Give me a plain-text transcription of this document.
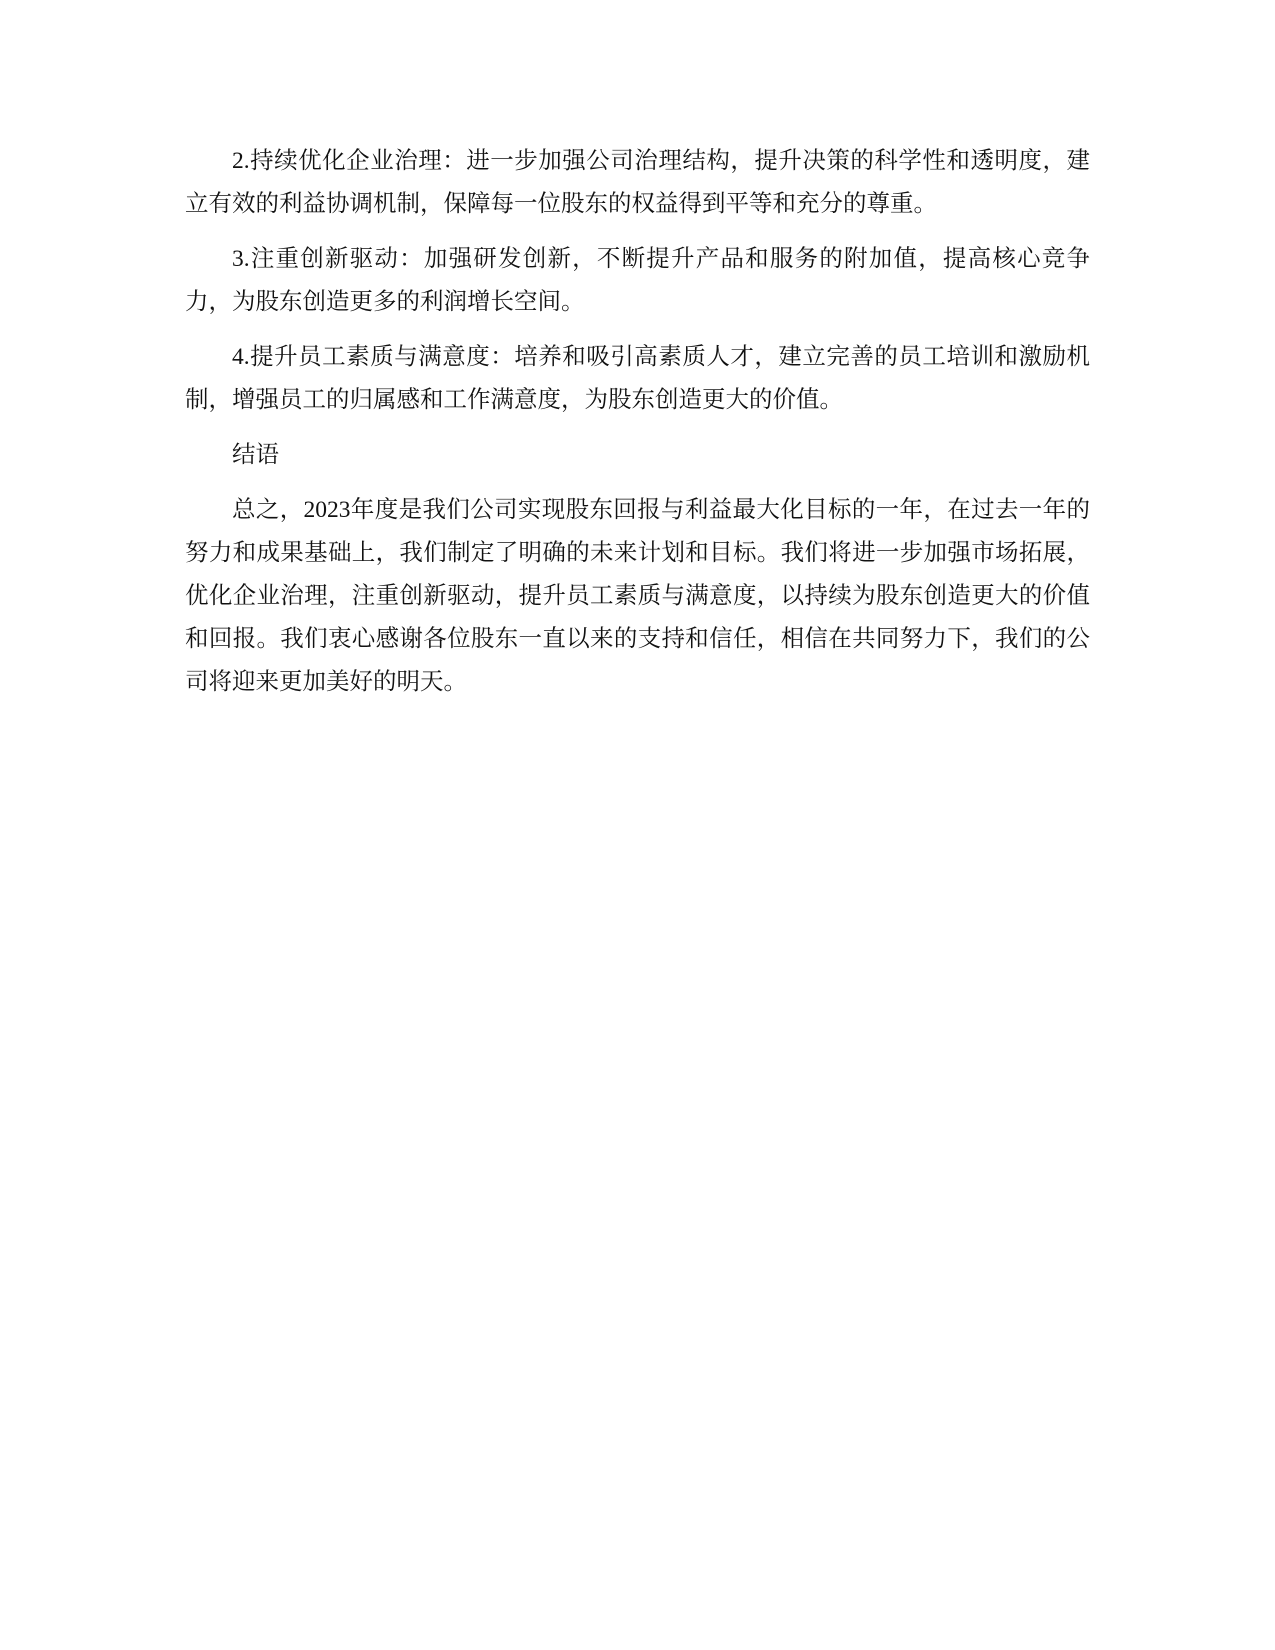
2.持续优化企业治理：进一步加强公司治理结构，提升决策的科学性和透明度，建立有效的利益协调机制，保障每一位股东的权益得到平等和充分的尊重。

3.注重创新驱动：加强研发创新，不断提升产品和服务的附加值，提高核心竞争力，为股东创造更多的利润增长空间。

4.提升员工素质与满意度：培养和吸引高素质人才，建立完善的员工培训和激励机制，增强员工的归属感和工作满意度，为股东创造更大的价值。

结语

总之，2023年度是我们公司实现股东回报与利益最大化目标的一年，在过去一年的努力和成果基础上，我们制定了明确的未来计划和目标。我们将进一步加强市场拓展，优化企业治理，注重创新驱动，提升员工素质与满意度，以持续为股东创造更大的价值和回报。我们衷心感谢各位股东一直以来的支持和信任，相信在共同努力下，我们的公司将迎来更加美好的明天。
